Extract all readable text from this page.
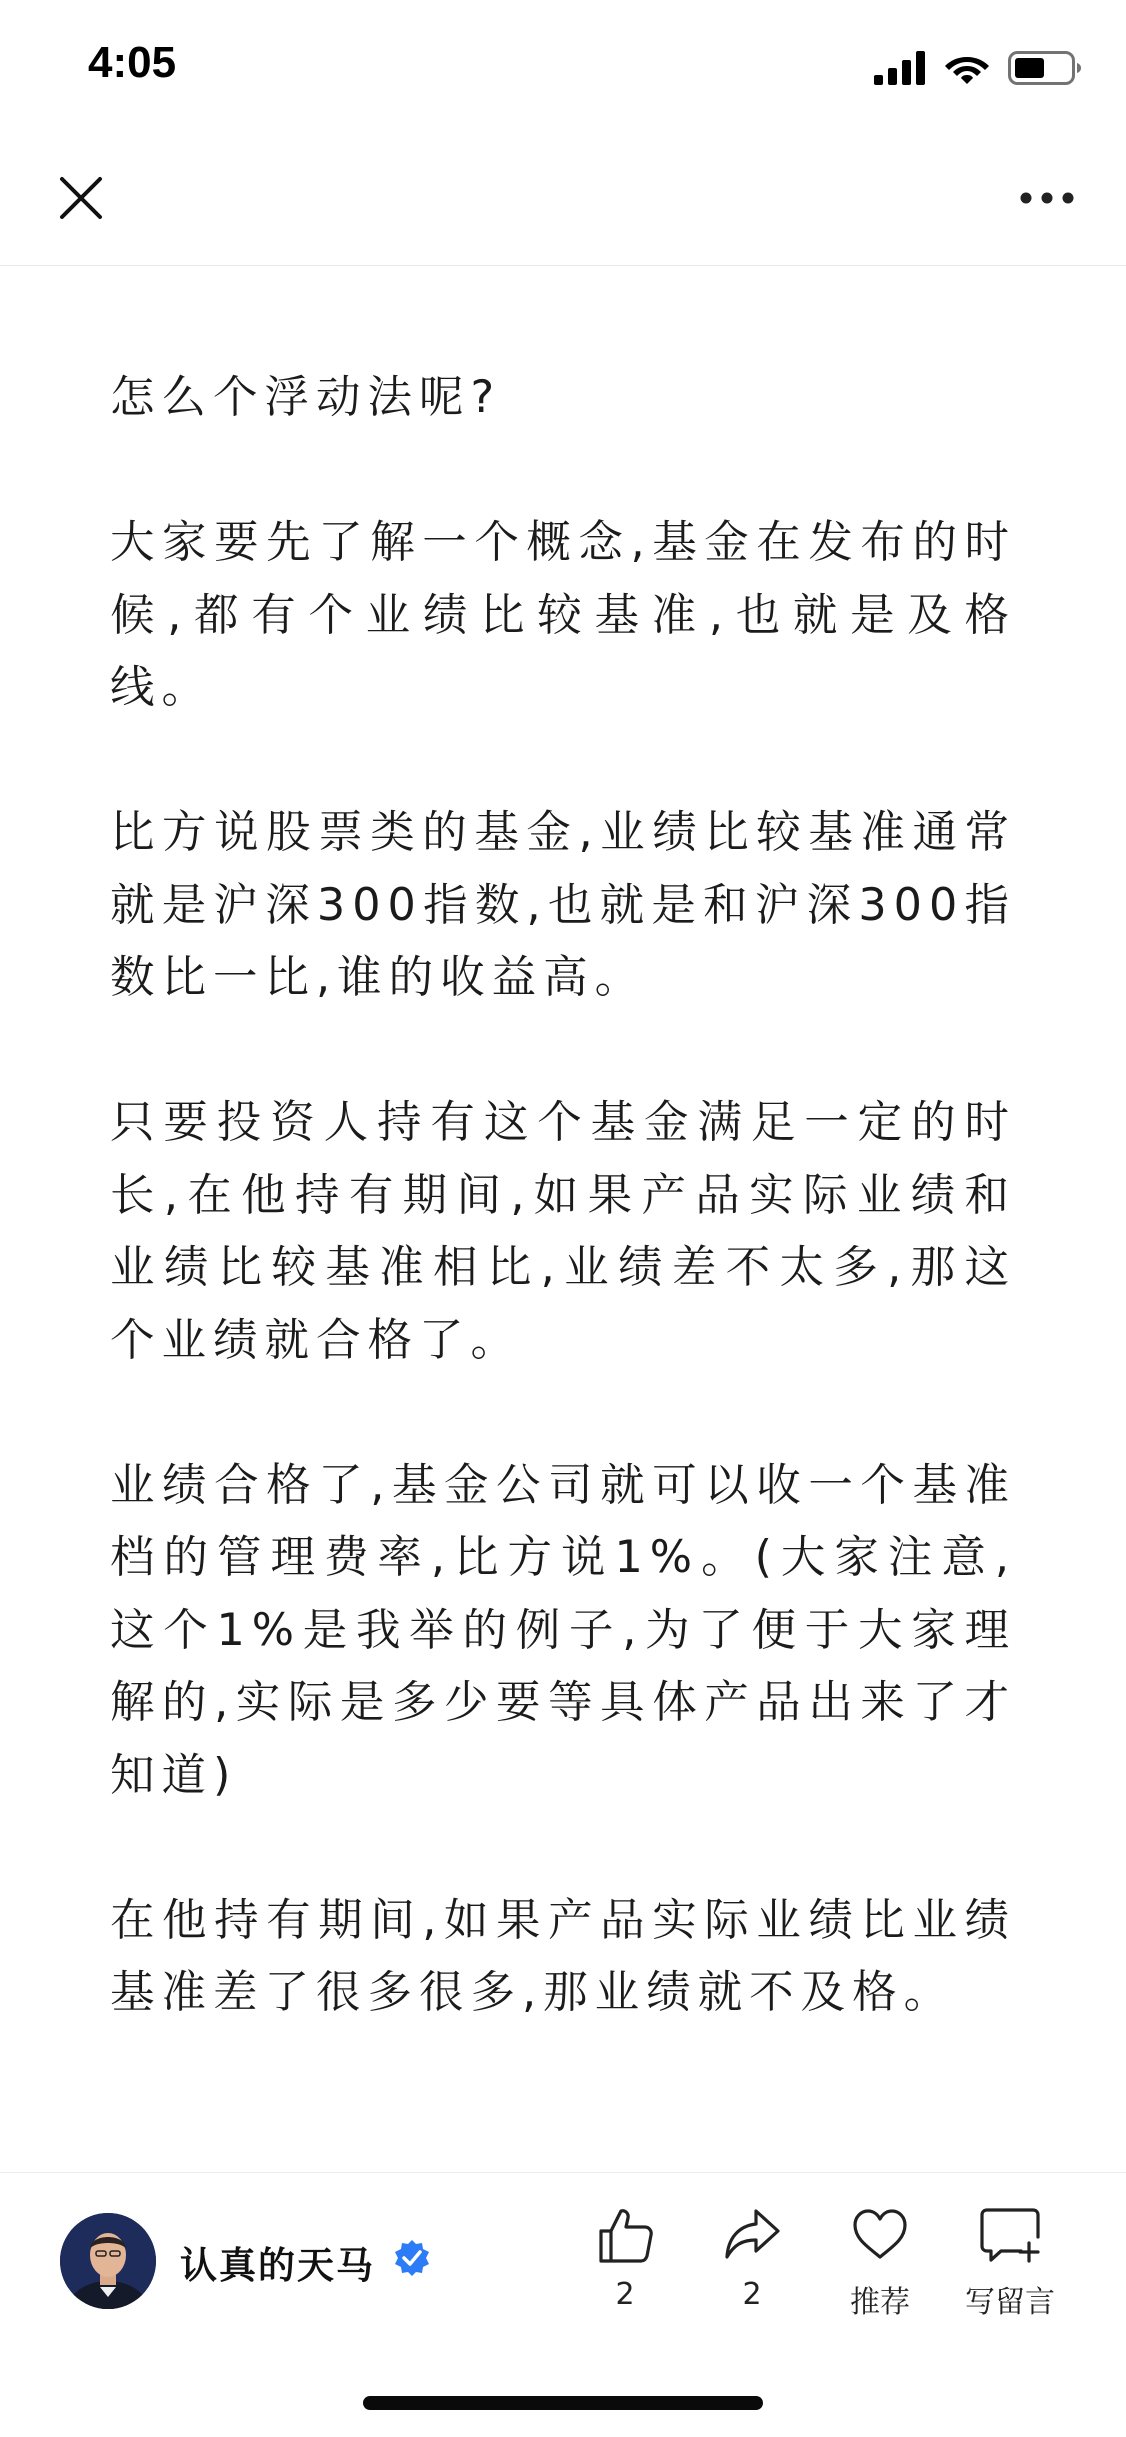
4:05

怎么个浮动法呢?

大家要先了解一个概念,基金在发布的时候,都有个业绩比较基准,也就是及格线。

比方说股票类的基金,业绩比较基准通常就是沪深300指数,也就是和沪深300指数比一比,谁的收益高。

只要投资人持有这个基金满足一定的时长,在他持有期间,如果产品实际业绩和业绩比较基准相比,业绩差不太多,那这个业绩就合格了。

业绩合格了,基金公司就可以收一个基准档的管理费率,比方说1%。(大家注意,这个1%是我举的例子,为了便于大家理解的,实际是多少要等具体产品出来了才知道)

在他持有期间,如果产品实际业绩比业绩基准差了很多很多,那业绩就不及格。

认真的天马
2	2	推荐	写留言
